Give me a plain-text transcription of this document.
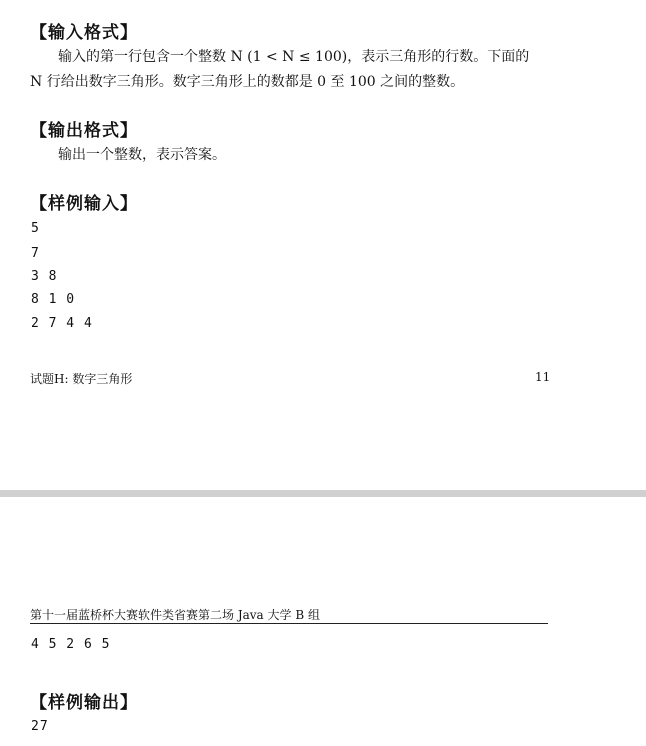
【输入格式】
输入的第一行包含一个整数 N (1 < N ≤ 100)，表示三角形的行数。下面的
N 行给出数字三角形。数字三角形上的数都是 0 至 100 之间的整数。
【输出格式】
输出一个整数，表示答案。
【样例输入】
5
7
3 8
8 1 0
2 7 4 4
试题H: 数字三角形	11
第十一届蓝桥杯大赛软件类省赛第二场 Java 大学 B 组
4 5 2 6 5
【样例输出】
27
